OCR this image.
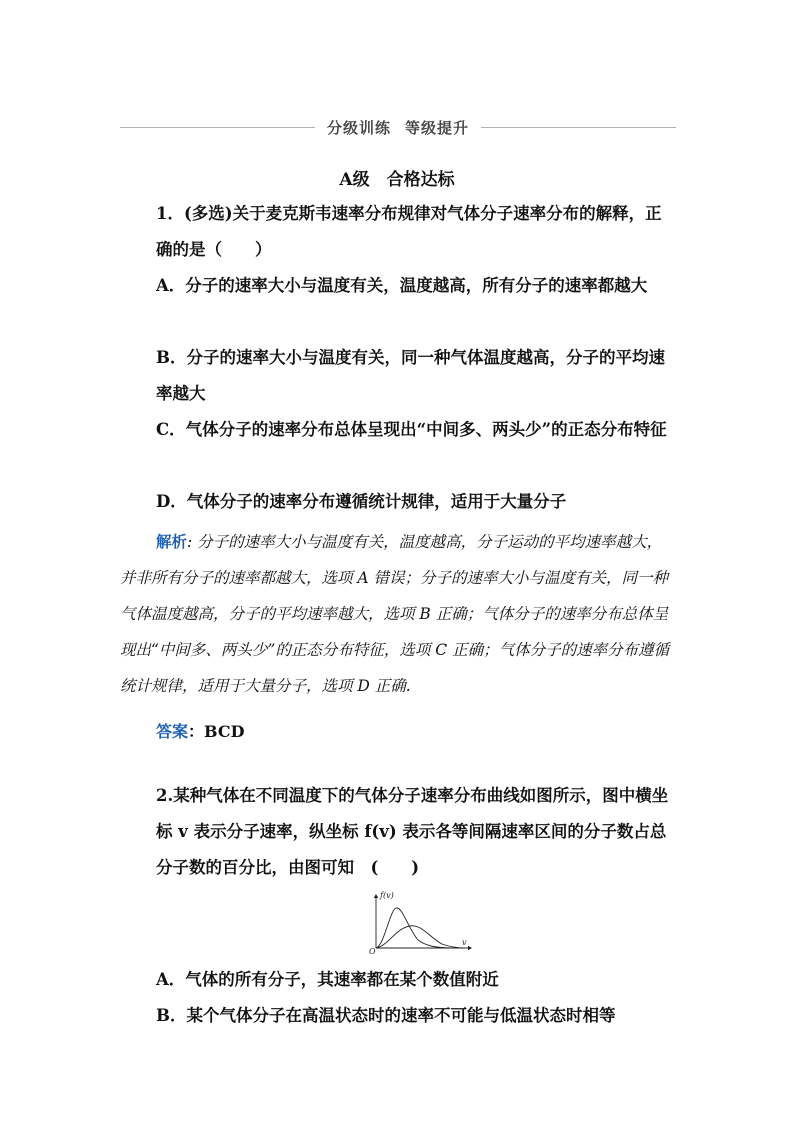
分级训练 等级提升
A级　合格达标
1．(多选)关于麦克斯韦速率分布规律对气体分子速率分布的解释，正确的是（　　）
A．分子的速率大小与温度有关，温度越高，所有分子的速率都越大
B．分子的速率大小与温度有关，同一种气体温度越高，分子的平均速率越大
C．气体分子的速率分布总体呈现出“中间多、两头少”的正态分布特征
D．气体分子的速率分布遵循统计规律，适用于大量分子
解析: 分子的速率大小与温度有关，温度越高，分子运动的平均速率越大，并非所有分子的速率都越大，选项 A 错误；分子的速率大小与温度有关，同一种气体温度越高，分子的平均速率越大，选项 B 正确；气体分子的速率分布总体呈现出“中间多、两头少”的正态分布特征，选项 C 正确；气体分子的速率分布遵循统计规律，适用于大量分子，选项 D 正确.
答案：BCD
2.某种气体在不同温度下的气体分子速率分布曲线如图所示，图中横坐标 v 表示分子速率，纵坐标 f(v) 表示各等间隔速率区间的分子数占总分子数的百分比，由图可知　(　　)
f(v)
v
O
A．气体的所有分子，其速率都在某个数值附近
B．某个气体分子在高温状态时的速率不可能与低温状态时相等
